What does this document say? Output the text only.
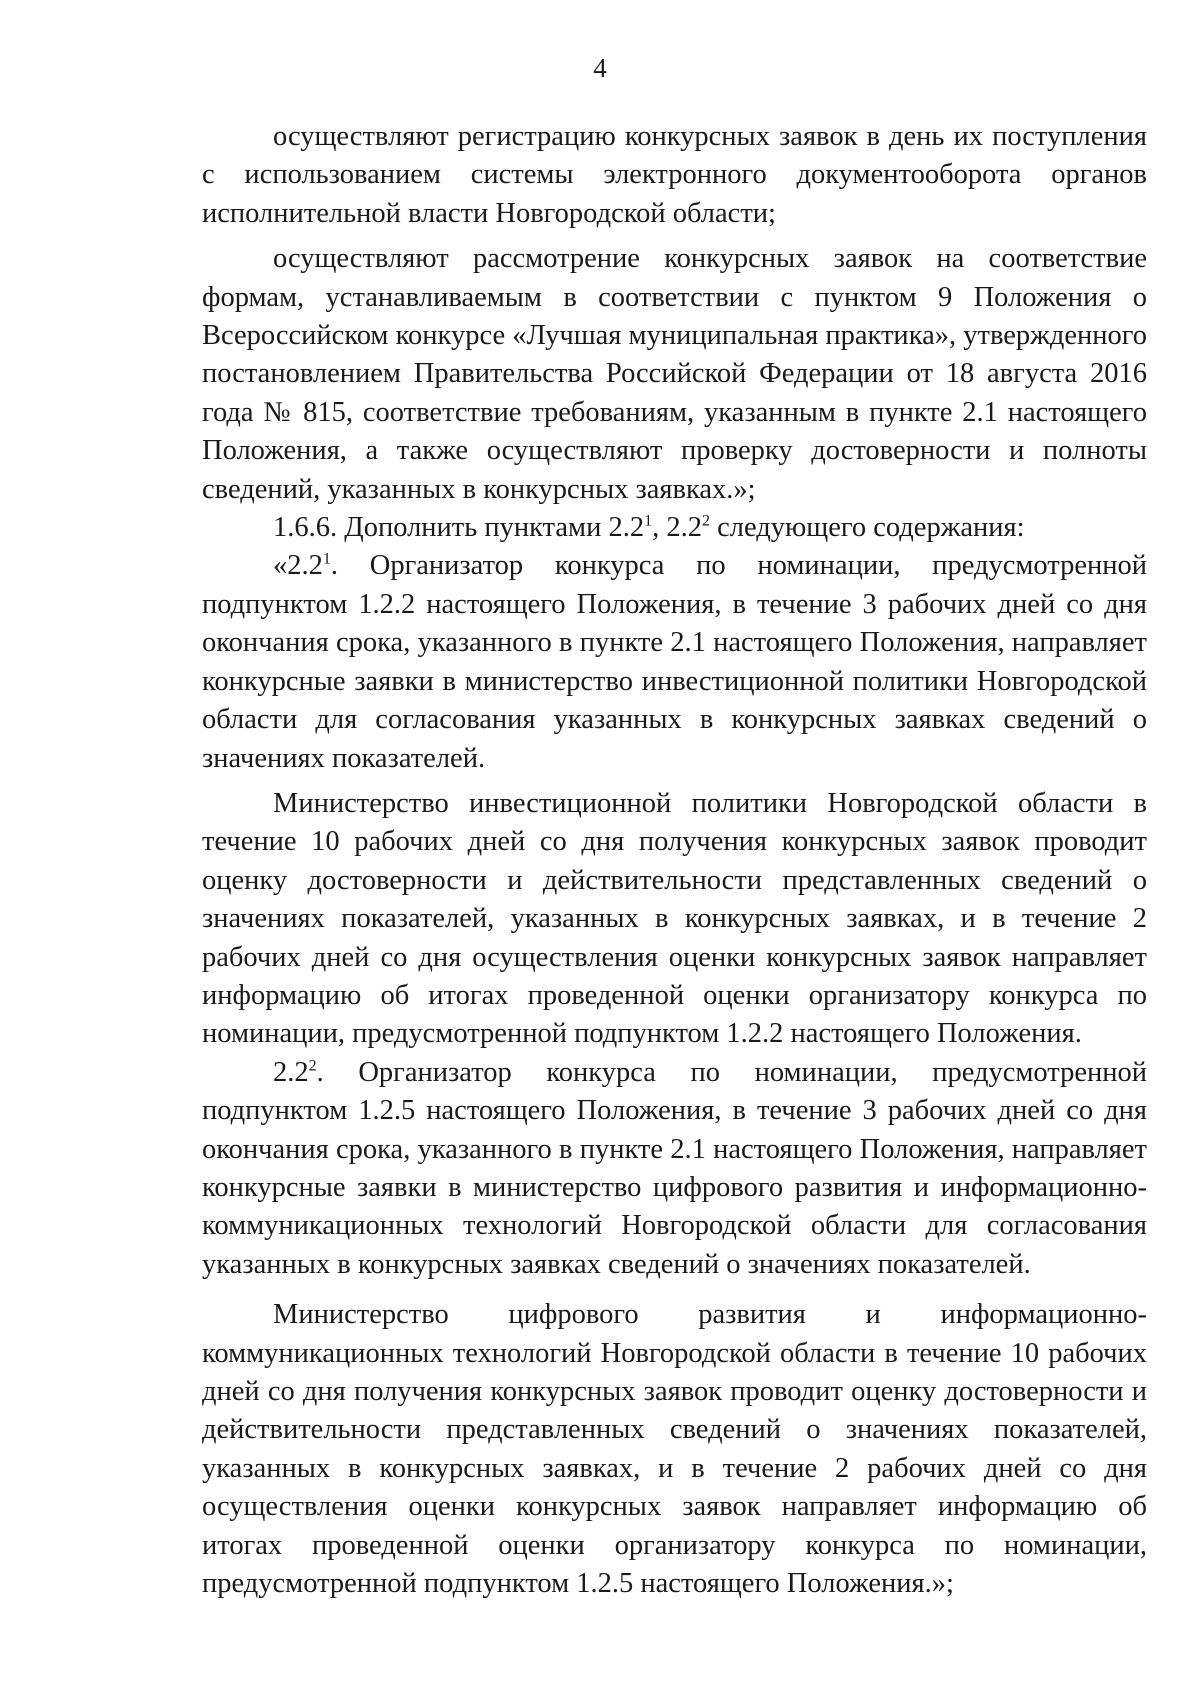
4

осуществляют регистрацию конкурсных заявок в день их поступления с использованием системы электронного документооборота органов исполнительной власти Новгородской области;

осуществляют рассмотрение конкурсных заявок на соответствие формам, устанавливаемым в соответствии с пунктом 9 Положения о Всероссийском конкурсе «Лучшая муниципальная практика», утвержденного постановлением Правительства Российской Федерации от 18 августа 2016 года № 815, соответствие требованиям, указанным в пункте 2.1 настоящего Положения, а также осуществляют проверку достоверности и полноты сведений, указанных в конкурсных заявках.»;

1.6.6. Дополнить пунктами $2.2^1$, $2.2^2$ следующего содержания:

«$2.2^1$. Организатор конкурса по номинации, предусмотренной подпунктом 1.2.2 настоящего Положения, в течение 3 рабочих дней со дня окончания срока, указанного в пункте 2.1 настоящего Положения, направляет конкурсные заявки в министерство инвестиционной политики Новгородской области для согласования указанных в конкурсных заявках сведений о значениях показателей.

Министерство инвестиционной политики Новгородской области в течение 10 рабочих дней со дня получения конкурсных заявок проводит оценку достоверности и действительности представленных сведений о значениях показателей, указанных в конкурсных заявках, и в течение 2 рабочих дней со дня осуществления оценки конкурсных заявок направляет информацию об итогах проведенной оценки организатору конкурса по номинации, предусмотренной подпунктом 1.2.2 настоящего Положения.

$2.2^2$. Организатор конкурса по номинации, предусмотренной подпунктом 1.2.5 настоящего Положения, в течение 3 рабочих дней со дня окончания срока, указанного в пункте 2.1 настоящего Положения, направляет конкурсные заявки в министерство цифрового развития и информационно-коммуникационных технологий Новгородской области для согласования указанных в конкурсных заявках сведений о значениях показателей.

Министерство цифрового развития и информационно-коммуникационных технологий Новгородской области в течение 10 рабочих дней со дня получения конкурсных заявок проводит оценку достоверности и действительности представленных сведений о значениях показателей, указанных в конкурсных заявках, и в течение 2 рабочих дней со дня осуществления оценки конкурсных заявок направляет информацию об итогах проведенной оценки организатору конкурса по номинации, предусмотренной подпунктом 1.2.5 настоящего Положения.»;
